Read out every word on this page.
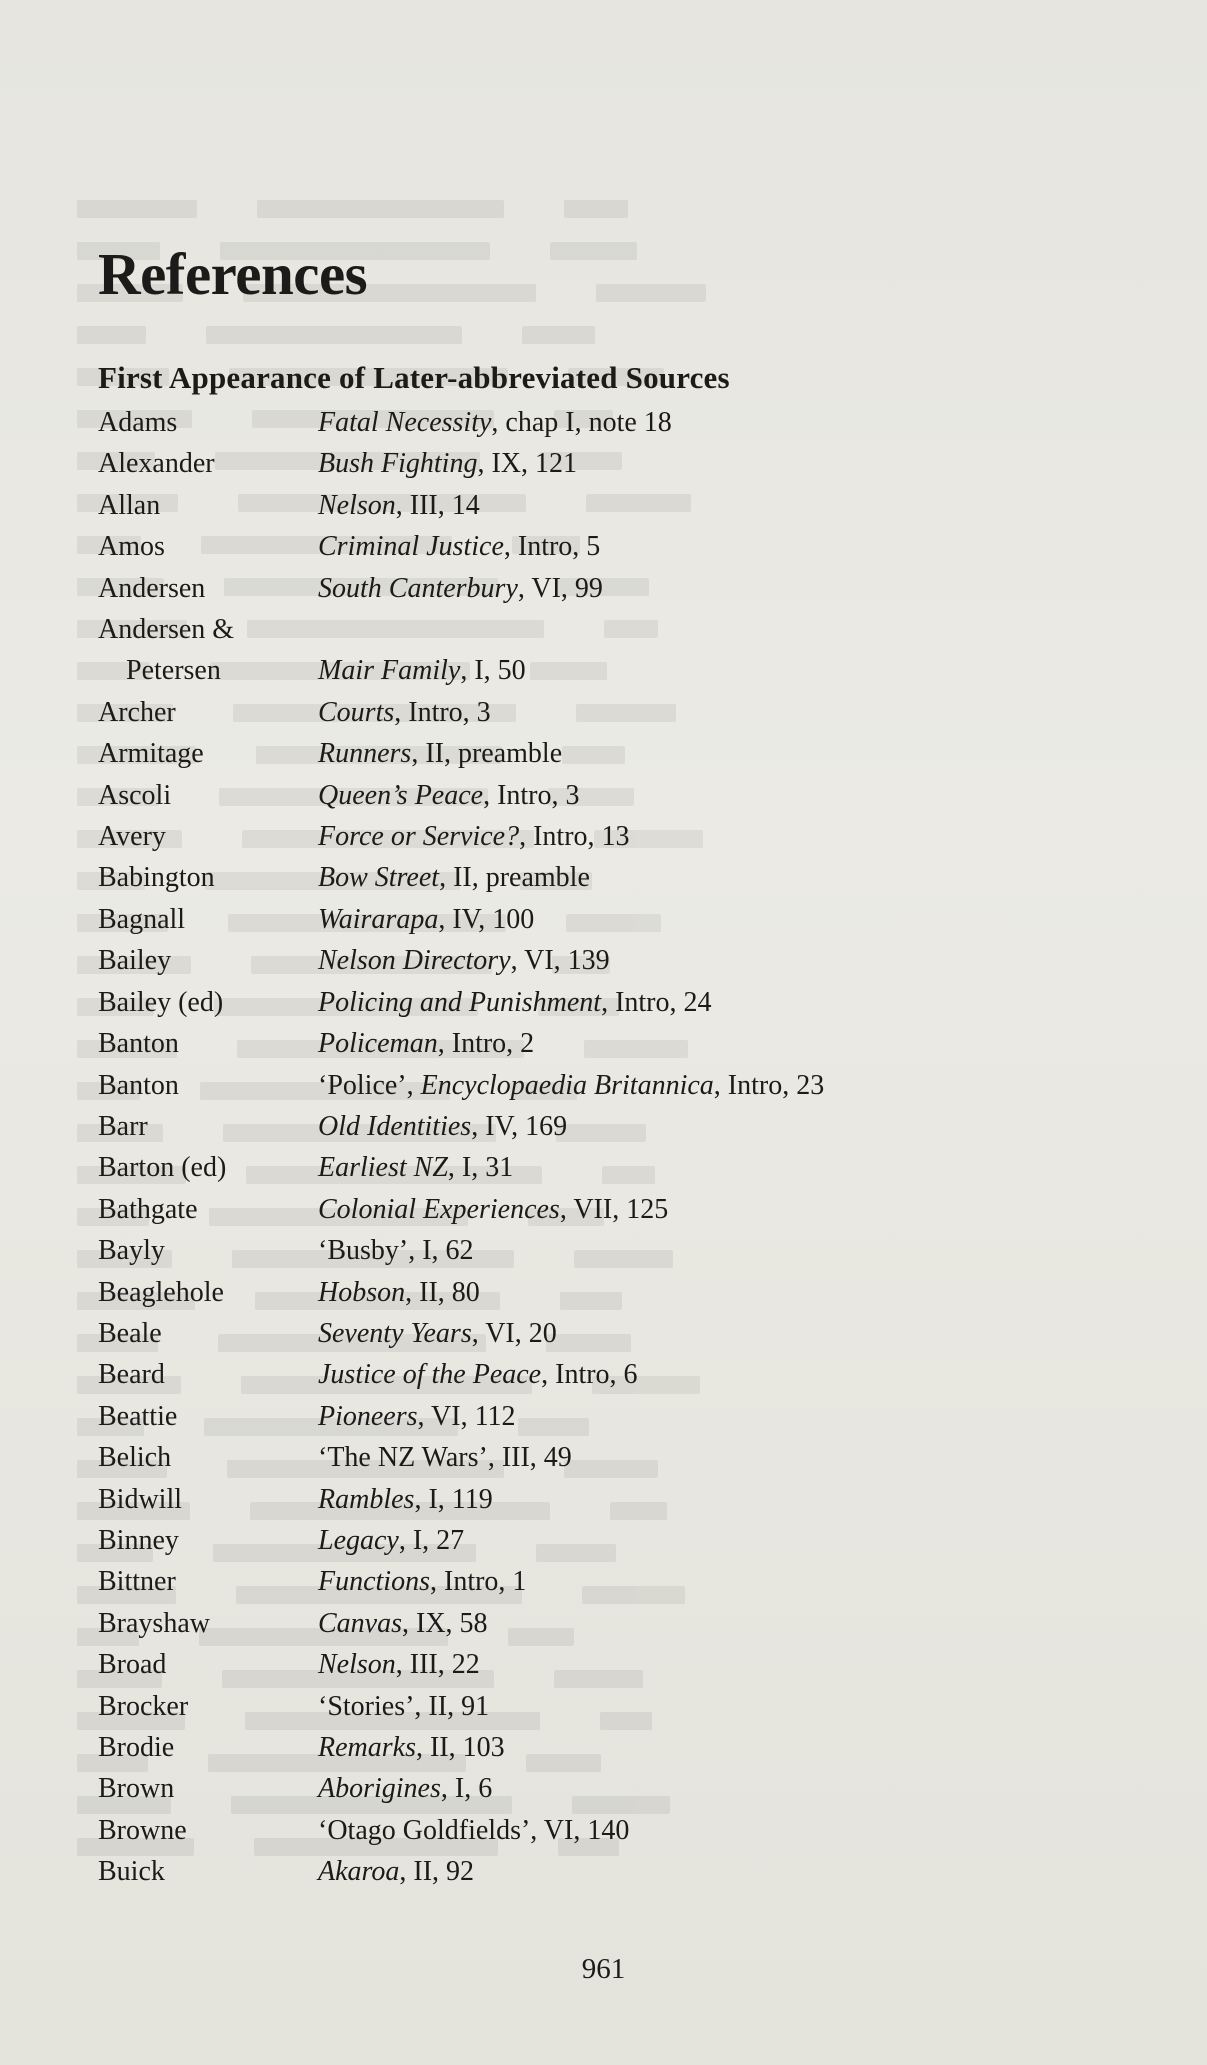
References
First Appearance of Later-abbreviated Sources
Adams	Fatal Necessity, chap I, note 18
Alexander	Bush Fighting, IX, 121
Allan	Nelson, III, 14
Amos	Criminal Justice, Intro, 5
Andersen	South Canterbury, VI, 99
Andersen &
Petersen	Mair Family, I, 50
Archer	Courts, Intro, 3
Armitage	Runners, II, preamble
Ascoli	Queen’s Peace, Intro, 3
Avery	Force or Service?, Intro, 13
Babington	Bow Street, II, preamble
Bagnall	Wairarapa, IV, 100
Bailey	Nelson Directory, VI, 139
Bailey (ed)	Policing and Punishment, Intro, 24
Banton	Policeman, Intro, 2
Banton	‘Police’, Encyclopaedia Britannica, Intro, 23
Barr	Old Identities, IV, 169
Barton (ed)	Earliest NZ, I, 31
Bathgate	Colonial Experiences, VII, 125
Bayly	‘Busby’, I, 62
Beaglehole	Hobson, II, 80
Beale	Seventy Years, VI, 20
Beard	Justice of the Peace, Intro, 6
Beattie	Pioneers, VI, 112
Belich	‘The NZ Wars’, III, 49
Bidwill	Rambles, I, 119
Binney	Legacy, I, 27
Bittner	Functions, Intro, 1
Brayshaw	Canvas, IX, 58
Broad	Nelson, III, 22
Brocker	‘Stories’, II, 91
Brodie	Remarks, II, 103
Brown	Aborigines, I, 6
Browne	‘Otago Goldfields’, VI, 140
Buick	Akaroa, II, 92
961
